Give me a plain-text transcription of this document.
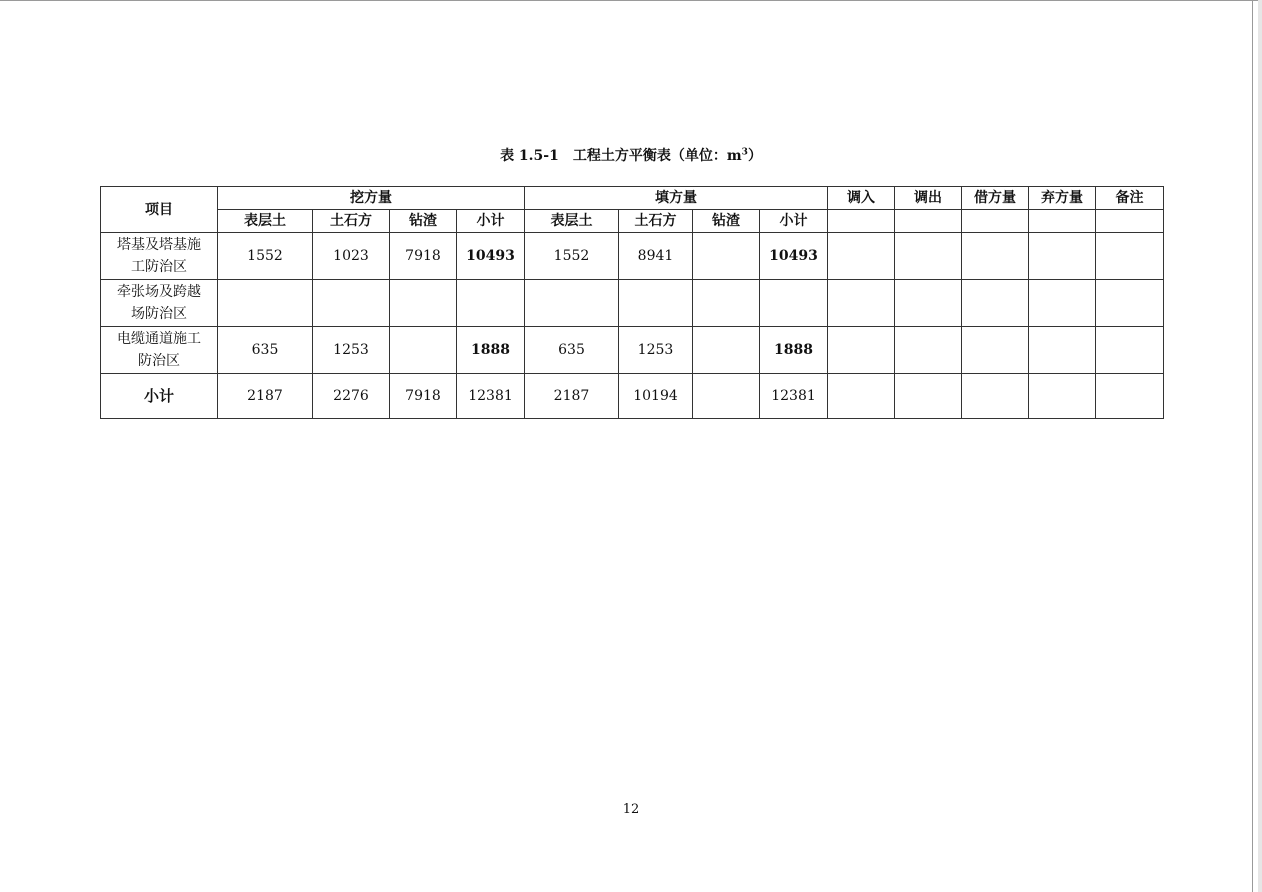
表 1.5-1　工程土方平衡表（单位：$m^3$）
项目	挖方量				填方量				调入	调出	借方量	弃方量	备注
	表层土	土石方	钻渣	小计	表层土	土石方	钻渣	小计					

塔基及塔基施
工防治区	1552	1023	7918	10493	1552	8941		10493					

牵张场及跨越
场防治区													

电缆通道施工
防治区	635	1253		1888	635	1253		1888					
小计	2187	2276	7918	12381	2187	10194		12381					
12
